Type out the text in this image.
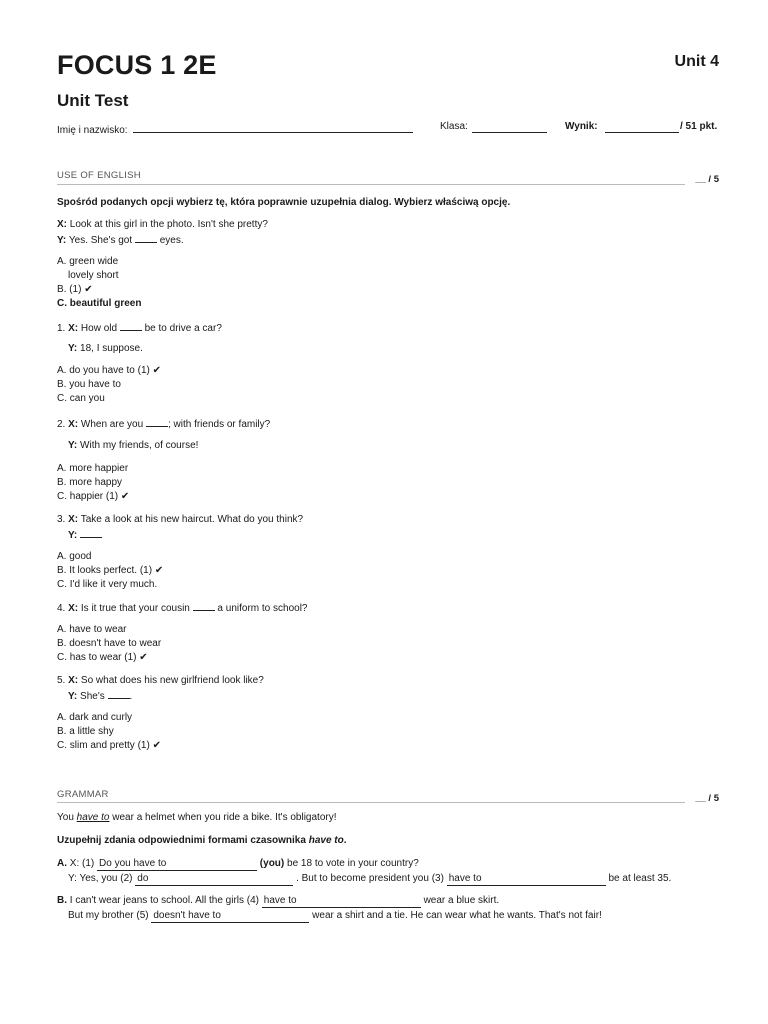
FOCUS 1 2E	Unit 4
Unit Test
Imię i nazwisko:	Klasa:	Wynik:	/ 51 pkt.
USE OF ENGLISH	__ / 5
Spośród podanych opcji wybierz tę, która poprawnie uzupełnia dialog. Wybierz właściwą opcję.
X: Look at this girl in the photo. Isn't she pretty?
Y: Yes. She's got	eyes.
A. green wide
lovely short
B. (1) ✔
C. beautiful green
1. X: How old	be to drive a car?
Y: 18, I suppose.
A. do you have to (1) ✔
B. you have to
C. can you
2. X: When are you ; with friends or family?
Y: With my friends, of course!
A. more happier
B. more happy
C. happier (1) ✔
3. X: Take a look at his new haircut. What do you think?
Y:
A. good
B. It looks perfect. (1) ✔
C. I'd like it very much.
4. X: Is it true that your cousin	a uniform to school?
A. have to wear
B. doesn't have to wear
C. has to wear (1) ✔
5. X: So what does his new girlfriend look like?
Y: She's .
A. dark and curly
B. a little shy
C. slim and pretty (1) ✔
GRAMMAR	__ / 5
You have to wear a helmet when you ride a bike. It's obligatory!
Uzupełnij zdania odpowiednimi formami czasownika have to.
A. X: (1) Do you have to	(you) be 18 to vote in your country?
Y: Yes, you (2) do	. But to become president you (3) have to	be at least 35.
B. I can't wear jeans to school. All the girls (4) have to	wear a blue skirt.
But my brother (5) doesn't have to	wear a shirt and a tie. He can wear what he wants. That's not fair!
